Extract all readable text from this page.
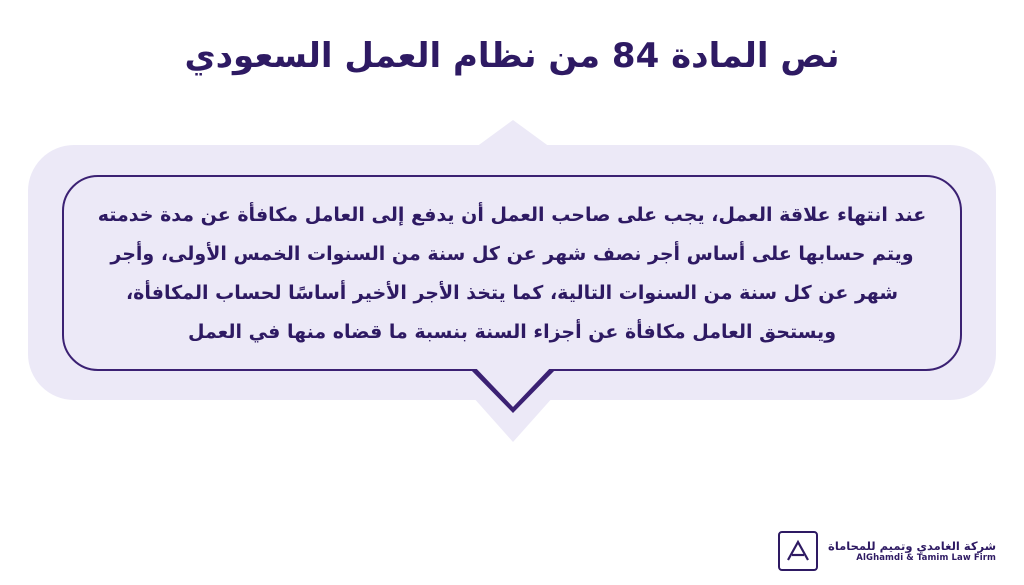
نص المادة 84 من نظام العمل السعودي
عند انتهاء علاقة العمل، يجب على صاحب العمل أن يدفع إلى العامل مكافأة عن مدة خدمته ويتم حسابها على أساس أجر نصف شهر عن كل سنة من السنوات الخمس الأولى، وأجر شهر عن كل سنة من السنوات التالية، كما يتخذ الأجر الأخير أساسًا لحساب المكافأة، ويستحق العامل مكافأة عن أجزاء السنة بنسبة ما قضاه منها في العمل
شركة الغامدي وتميم للمحاماة
AlGhamdi & Tamim Law Firm
